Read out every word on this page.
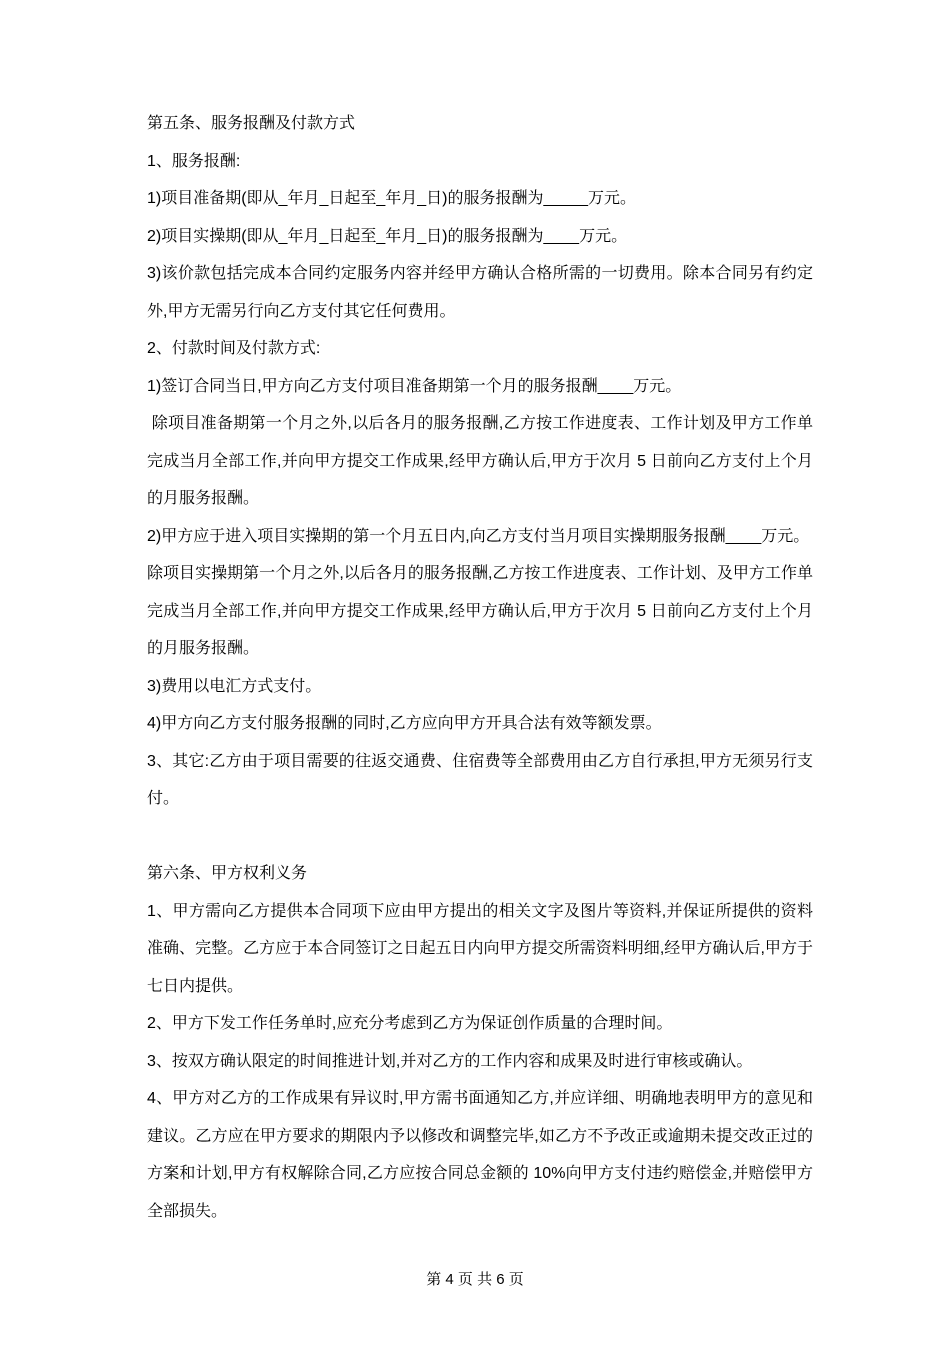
第五条、服务报酬及付款方式

1、服务报酬:

1)项目准备期(即从_年月_日起至_年月_日)的服务报酬为_____万元。

2)项目实操期(即从_年月_日起至_年月_日)的服务报酬为____万元。

3)该价款包括完成本合同约定服务内容并经甲方确认合格所需的一切费用。除本合同另有约定外,甲方无需另行向乙方支付其它任何费用。

2、付款时间及付款方式:

1)签订合同当日,甲方向乙方支付项目准备期第一个月的服务报酬____万元。

除项目准备期第一个月之外,以后各月的服务报酬,乙方按工作进度表、工作计划及甲方工作单完成当月全部工作,并向甲方提交工作成果,经甲方确认后,甲方于次月 5 日前向乙方支付上个月的月服务报酬。

2)甲方应于进入项目实操期的第一个月五日内,向乙方支付当月项目实操期服务报酬____万元。

除项目实操期第一个月之外,以后各月的服务报酬,乙方按工作进度表、工作计划、及甲方工作单完成当月全部工作,并向甲方提交工作成果,经甲方确认后,甲方于次月 5 日前向乙方支付上个月的月服务报酬。

3)费用以电汇方式支付。

4)甲方向乙方支付服务报酬的同时,乙方应向甲方开具合法有效等额发票。

3、其它:乙方由于项目需要的往返交通费、住宿费等全部费用由乙方自行承担,甲方无须另行支付。

第六条、甲方权利义务

1、甲方需向乙方提供本合同项下应由甲方提出的相关文字及图片等资料,并保证所提供的资料准确、完整。乙方应于本合同签订之日起五日内向甲方提交所需资料明细,经甲方确认后,甲方于七日内提供。

2、甲方下发工作任务单时,应充分考虑到乙方为保证创作质量的合理时间。

3、按双方确认限定的时间推进计划,并对乙方的工作内容和成果及时进行审核或确认。

4、甲方对乙方的工作成果有异议时,甲方需书面通知乙方,并应详细、明确地表明甲方的意见和建议。乙方应在甲方要求的期限内予以修改和调整完毕,如乙方不予改正或逾期未提交改正过的方案和计划,甲方有权解除合同,乙方应按合同总金额的 10%向甲方支付违约赔偿金,并赔偿甲方全部损失。

第 4 页 共 6 页
